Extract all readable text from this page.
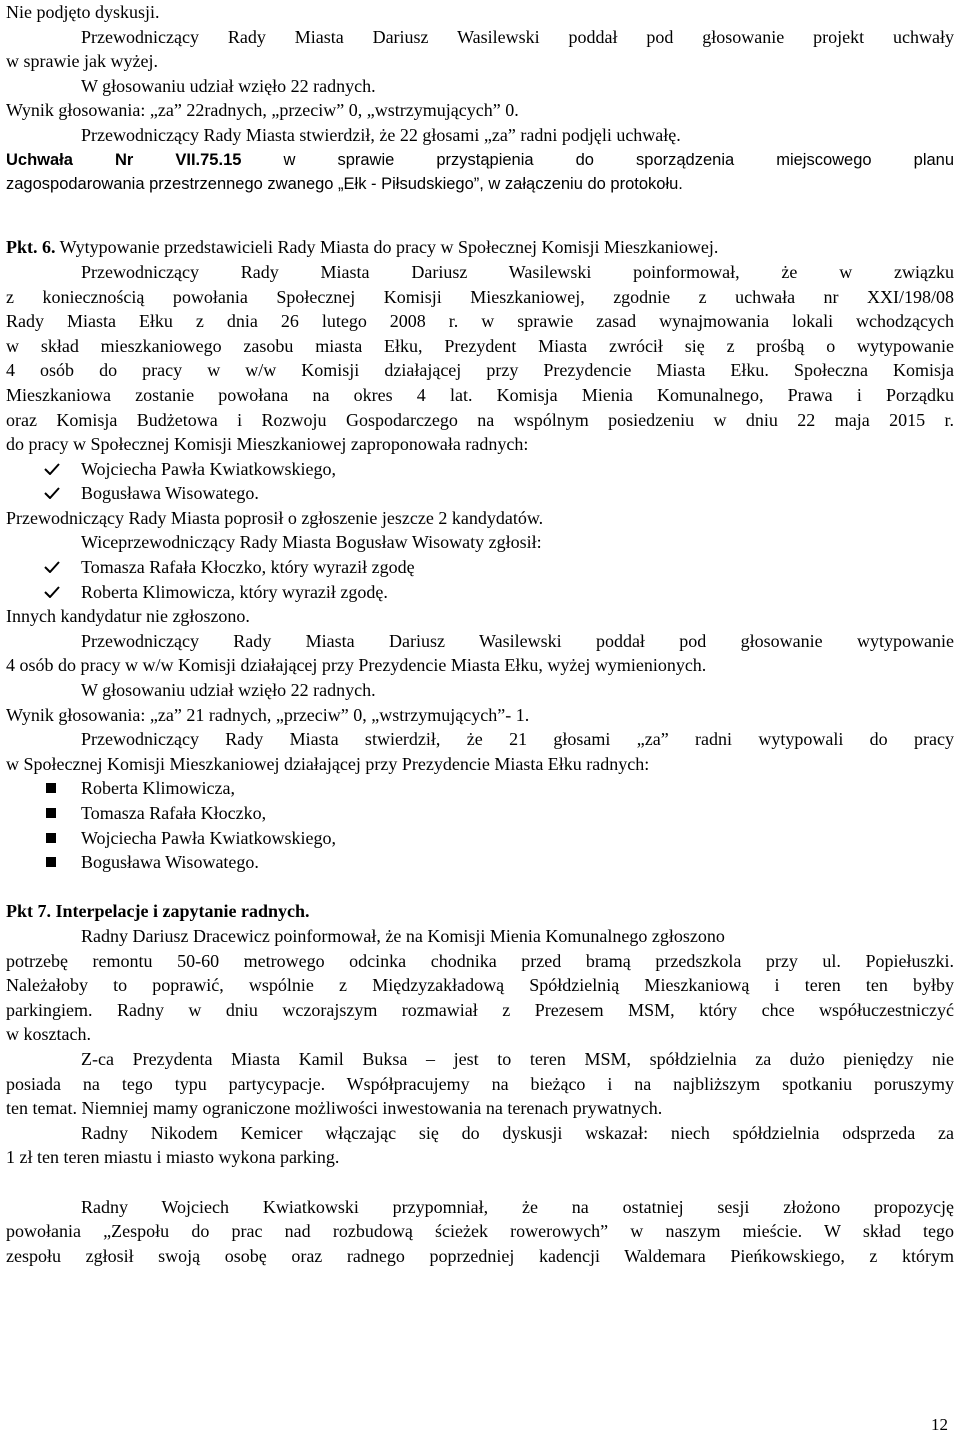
Nie podjęto dyskusji.
Przewodniczący Rady Miasta Dariusz Wasilewski poddał pod głosowanie projekt uchwały
w sprawie jak wyżej.
W głosowaniu udział wzięło 22 radnych.
Wynik głosowania: „za” 22radnych, „przeciw” 0, „wstrzymujących” 0.
Przewodniczący Rady Miasta stwierdził, że 22 głosami „za” radni podjęli uchwałę.
Uchwała Nr VII.75.15 w sprawie przystąpienia do sporządzenia miejscowego planu
zagospodarowania przestrzennego zwanego „Ełk - Piłsudskiego”, w załączeniu do protokołu.
Pkt. 6. Wytypowanie przedstawicieli Rady Miasta do pracy w Społecznej Komisji Mieszkaniowej.
Przewodniczący Rady Miasta Dariusz Wasilewski poinformował, że w związku
z koniecznością powołania Społecznej Komisji Mieszkaniowej, zgodnie z uchwała nr XXI/198/08
Rady Miasta Ełku z dnia 26 lutego 2008 r. w sprawie zasad wynajmowania lokali wchodzących
w skład mieszkaniowego zasobu miasta Ełku, Prezydent Miasta zwrócił się z prośbą o wytypowanie
4 osób do pracy w w/w Komisji działającej przy Prezydencie Miasta Ełku. Społeczna Komisja
Mieszkaniowa zostanie powołana na okres 4 lat. Komisja Mienia Komunalnego, Prawa i Porządku
oraz Komisja Budżetowa i Rozwoju Gospodarczego na wspólnym posiedzeniu w dniu 22 maja 2015 r.
do pracy w Społecznej Komisji Mieszkaniowej zaproponowała radnych:
Wojciecha Pawła Kwiatkowskiego,
Bogusława Wisowatego.
Przewodniczący Rady Miasta poprosił o zgłoszenie jeszcze 2 kandydatów.
Wiceprzewodniczący Rady Miasta Bogusław Wisowaty zgłosił:
Tomasza Rafała Kłoczko, który wyraził zgodę
Roberta Klimowicza, który wyraził zgodę.
Innych kandydatur nie zgłoszono.
Przewodniczący Rady Miasta Dariusz Wasilewski poddał pod głosowanie wytypowanie
4 osób do pracy w w/w Komisji działającej przy Prezydencie Miasta Ełku, wyżej wymienionych.
W głosowaniu udział wzięło 22 radnych.
Wynik głosowania: „za” 21 radnych, „przeciw” 0, „wstrzymujących”- 1.
Przewodniczący Rady Miasta stwierdził, że 21 głosami „za” radni wytypowali do pracy
w Społecznej Komisji Mieszkaniowej działającej przy Prezydencie Miasta Ełku radnych:
Roberta Klimowicza,
Tomasza Rafała Kłoczko,
Wojciecha Pawła Kwiatkowskiego,
Bogusława Wisowatego.
Pkt 7. Interpelacje i zapytanie radnych.
Radny Dariusz Dracewicz poinformował, że na Komisji Mienia Komunalnego zgłoszono
potrzebę remontu 50-60 metrowego odcinka chodnika przed bramą przedszkola przy ul. Popiełuszki.
Należałoby to poprawić, wspólnie z Międzyzakładową Spółdzielnią Mieszkaniową i teren ten byłby
parkingiem. Radny w dniu wczorajszym rozmawiał z Prezesem MSM, który chce współuczestniczyć
w kosztach.
Z-ca Prezydenta Miasta Kamil Buksa – jest to teren MSM, spółdzielnia za dużo pieniędzy nie
posiada na tego typu partycypacje. Współpracujemy na bieżąco i na najbliższym spotkaniu poruszymy
ten temat. Niemniej mamy ograniczone możliwości inwestowania na terenach prywatnych.
Radny Nikodem Kemicer włączając się do dyskusji wskazał: niech spółdzielnia odsprzeda za
1 zł ten teren miastu i miasto wykona parking.
Radny Wojciech Kwiatkowski przypomniał, że na ostatniej sesji złożono propozycję
powołania „Zespołu do prac nad rozbudową ścieżek rowerowych” w naszym mieście. W skład tego
zespołu zgłosił swoją osobę oraz radnego poprzedniej kadencji Waldemara Pieńkowskiego, z którym
12
